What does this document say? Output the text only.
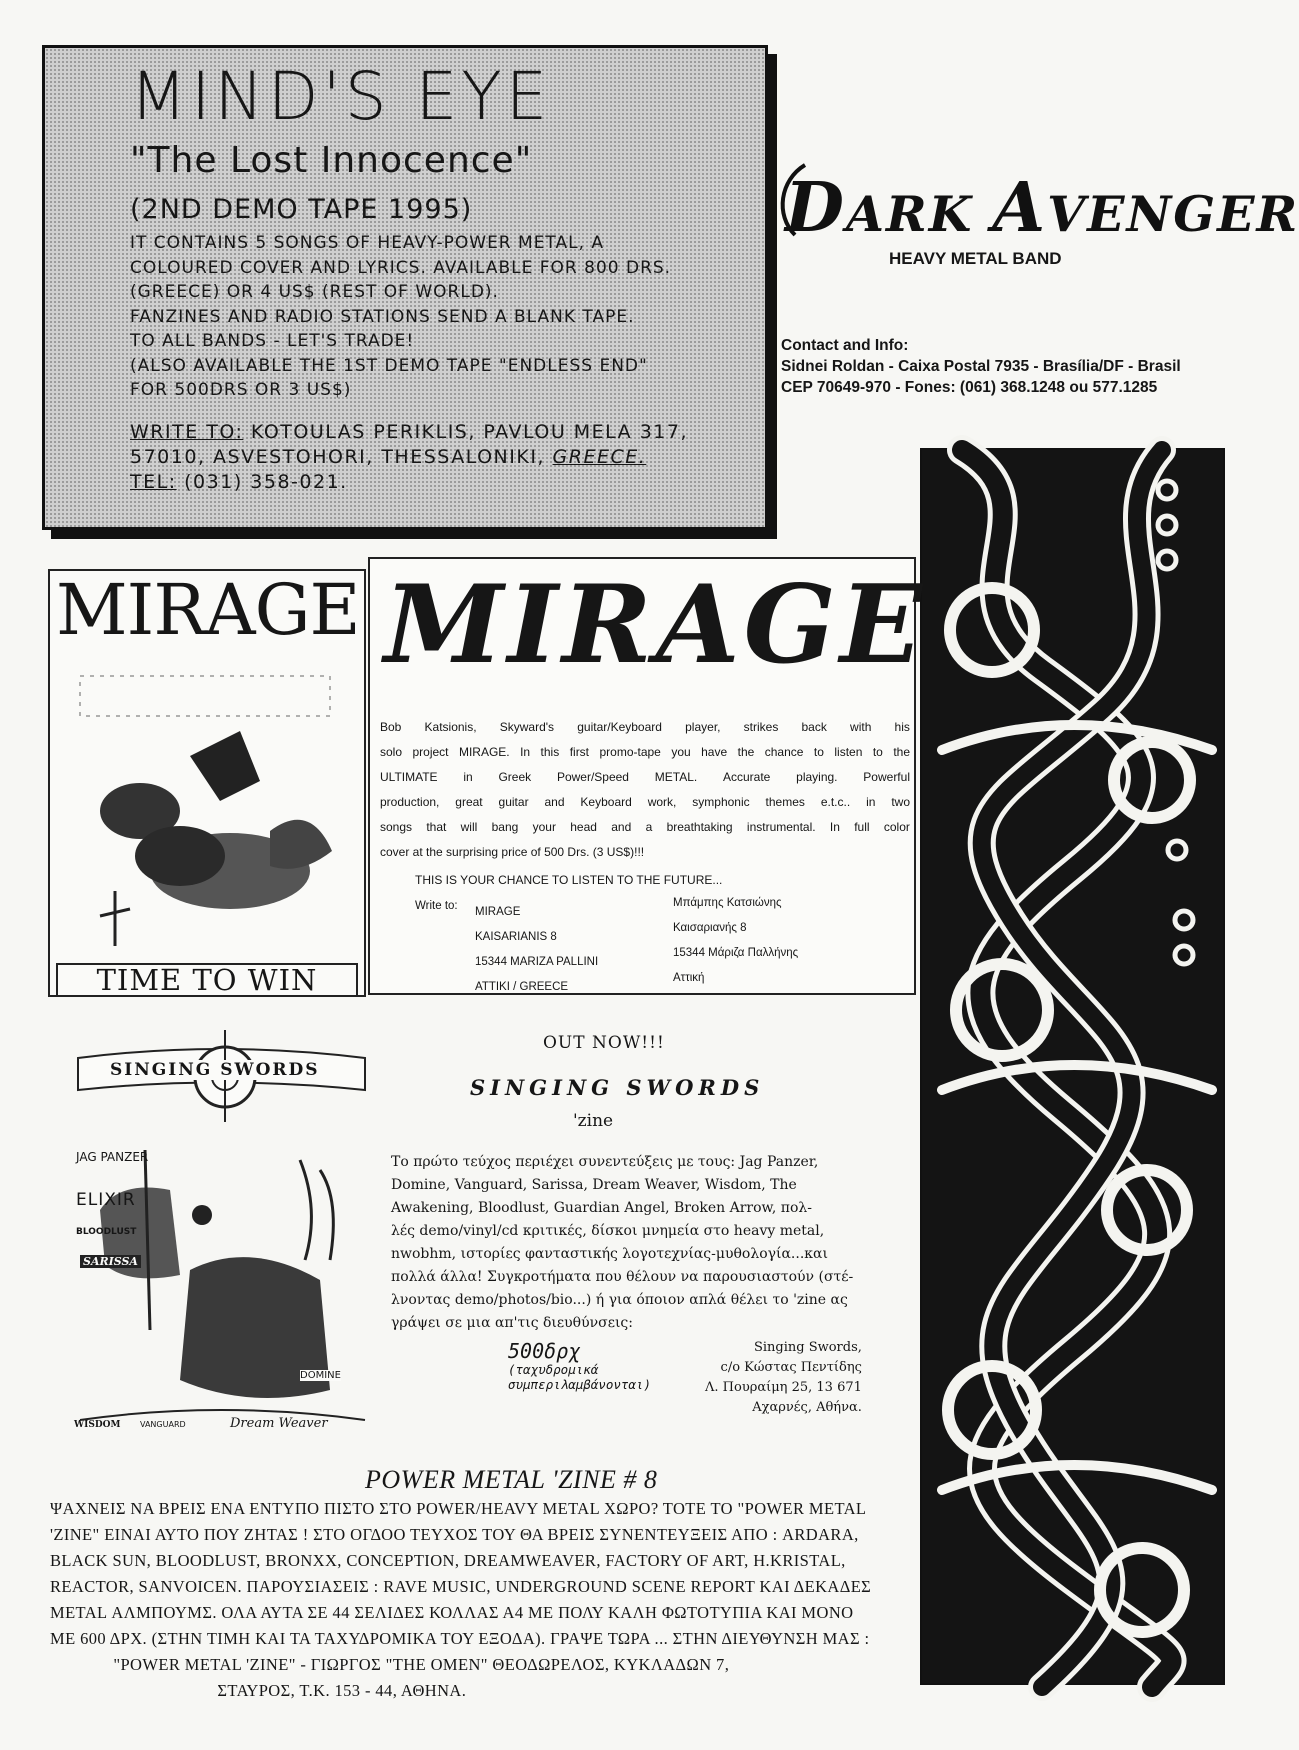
MIND'S EYE
"The Lost Innocence"
(2ND DEMO TAPE 1995)
IT CONTAINS 5 SONGS OF HEAVY-POWER METAL, A
COLOURED COVER AND LYRICS. AVAILABLE FOR 800 DRS.
(GREECE) OR 4 US$ (REST OF WORLD).
FANZINES AND RADIO STATIONS SEND A BLANK TAPE.
TO ALL BANDS - LET'S TRADE!
(ALSO AVAILABLE THE 1ST DEMO TAPE "ENDLESS END"
FOR 500DRS OR 3 US$)
WRITE TO: KOTOULAS PERIKLIS, PAVLOU MELA 317,
57010, ASVESTOHORI, THESSALONIKI, GREECE.
TEL: (031) 358-021.
DARK AVENGER
HEAVY METAL BAND
Contact and Info:
Sidnei Roldan - Caixa Postal 7935 - Brasília/DF - Brasil
CEP 70649-970 - Fones: (061) 368.1248 ou 577.1285
MIRAGE
TIME TO WIN
MIRAGE
Bob Katsionis, Skyward's guitar/Keyboard player, strikes back with his
solo project MIRAGE. In this first promo-tape you have the chance to listen to the
ULTIMATE in Greek Power/Speed METAL. Accurate playing. Powerful
production, great guitar and Keyboard work, symphonic themes e.t.c.. in two
songs that will bang your head and a breathtaking instrumental. In full color
cover at the surprising price of 500 Drs. (3 US$)!!!
THIS IS YOUR CHANCE TO LISTEN TO THE FUTURE...
Write to: MIRAGE
KAISARIANIS 8
15344 MARIZA PALLINI
ATTIKI / GREECE
Μπάμπης Κατσιώνης
Καισαριανής 8
15344 Μάριζα Παλλήνης
Αττική
SINGING SWORDS
JAG PANZER
ELIXIR
BLOODLUST
SARISSA
DOMINE
WISDOM VANGUARD	Dream Weaver
OUT NOW!!!
SINGING SWORDS
'zine
Το πρώτο τεύχος περιέχει συνεντεύξεις με τους: Jag Panzer,
Domine, Vanguard, Sarissa, Dream Weaver, Wisdom, The
Awakening, Bloodlust, Guardian Angel, Broken Arrow, πολ-
λές demo/vinyl/cd κριτικές, δίσκοι μνημεία στο heavy metal,
nwobhm, ιστορίες φανταστικής λογοτεχνίας-μυθολογία...και
πολλά άλλα! Συγκροτήματα που θέλουν να παρουσιαστούν (στέ-
λνοντας demo/photos/bio...) ή για όποιον απλά θέλει το 'zine ας
γράψει σε μια απ'τις διευθύνσεις:
500δρχ
(ταχυδρομικά
συμπεριλαμβάνονται)
Singing Swords,
c/o Κώστας Πεντίδης
Λ. Πουραίμη 25, 13 671
Αχαρνές, Αθήνα.
POWER METAL 'ZINE # 8
ΨΑΧΝΕΙΣ ΝΑ ΒΡΕΙΣ ΕΝΑ ΕΝΤΥΠΟ ΠΙΣΤΟ ΣΤΟ POWER/HEAVY METAL ΧΩΡΟ? ΤΟΤΕ ΤΟ "POWER METAL
'ZINE" ΕΙΝΑΙ ΑΥΤΟ ΠΟΥ ΖΗΤΑΣ ! ΣΤΟ ΟΓΔΟΟ ΤΕΥΧΟΣ ΤΟΥ ΘΑ ΒΡΕΙΣ ΣΥΝΕΝΤΕΥΞΕΙΣ ΑΠΟ : ARDARA,
BLACK SUN, BLOODLUST, BRONXX, CONCEPTION, DREAMWEAVER, FACTORY OF ART, H.KRISTAL,
REACTOR, SANVOICEN. ΠΑΡΟΥΣΙΑΣΕΙΣ : RAVE MUSIC, UNDERGROUND SCENE REPORT ΚΑΙ ΔΕΚΑΔΕΣ
METAL ΑΛΜΠΟΥΜΣ. ΟΛΑ ΑΥΤΑ ΣΕ 44 ΣΕΛΙΔΕΣ ΚΟΛΛΑΣ Α4 ΜΕ ΠΟΛΥ ΚΑΛΗ ΦΩΤΟΤΥΠΙΑ ΚΑΙ ΜΟΝΟ
ΜΕ 600 ΔΡΧ. (ΣΤΗΝ ΤΙΜΗ ΚΑΙ ΤΑ ΤΑΧΥΔΡΟΜΙΚΑ ΤΟΥ ΕΞΟΔΑ). ΓΡΑΨΕ ΤΩΡΑ ... ΣΤΗΝ ΔΙΕΥΘΥΝΣΗ ΜΑΣ :
"POWER METAL 'ZINE" - ΓΙΩΡΓΟΣ "THE OMEN" ΘΕΟΔΩΡΕΛΟΣ, ΚΥΚΛΑΔΩΝ 7,
ΣΤΑΥΡΟΣ, Τ.Κ. 153 - 44, ΑΘΗΝΑ.
